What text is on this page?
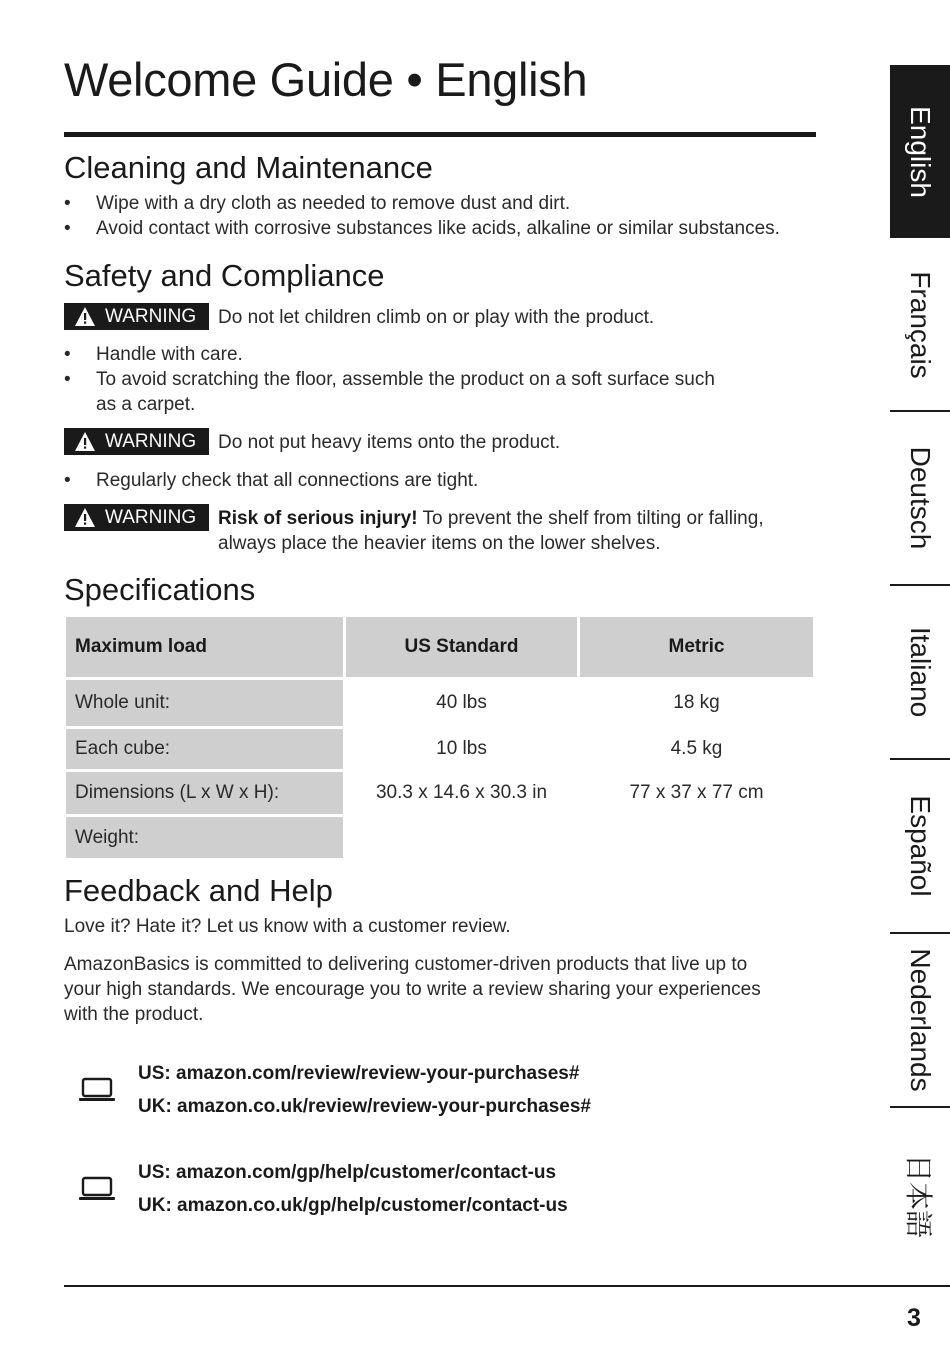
Welcome Guide • English
Cleaning and Maintenance
• Wipe with a dry cloth as needed to remove dust and dirt.
• Avoid contact with corrosive substances like acids, alkaline or similar substances.
Safety and Compliance
WARNING Do not let children climb on or play with the product.
• Handle with care.
• To avoid scratching the floor, assemble the product on a soft surface such
as a carpet.
WARNING Do not put heavy items onto the product.
• Regularly check that all connections are tight.
WARNING Risk of serious injury! To prevent the shelf from tilting or falling,
always place the heavier items on the lower shelves.
Specifications
Maximum load	US Standard	Metric
Whole unit:	40 lbs	18 kg
Each cube:	10 lbs	4.5 kg
Dimensions (L x W x H):	30.3 x 14.6 x 30.3 in	77 x 37 x 77 cm
Weight:
Feedback and Help

Love it? Hate it? Let us know with a customer review.

AmazonBasics is committed to delivering customer-driven products that live up to

your high standards. We encourage you to write a review sharing your experiences

with the product.

US: amazon.com/review/review-your-purchases#
UK: amazon.co.uk/review/review-your-purchases#
US: amazon.com/gp/help/customer/contact-us
UK: amazon.co.uk/gp/help/customer/contact-us
English
Français
Deutsch
Italiano
Español
Nederlands
日本語
3
